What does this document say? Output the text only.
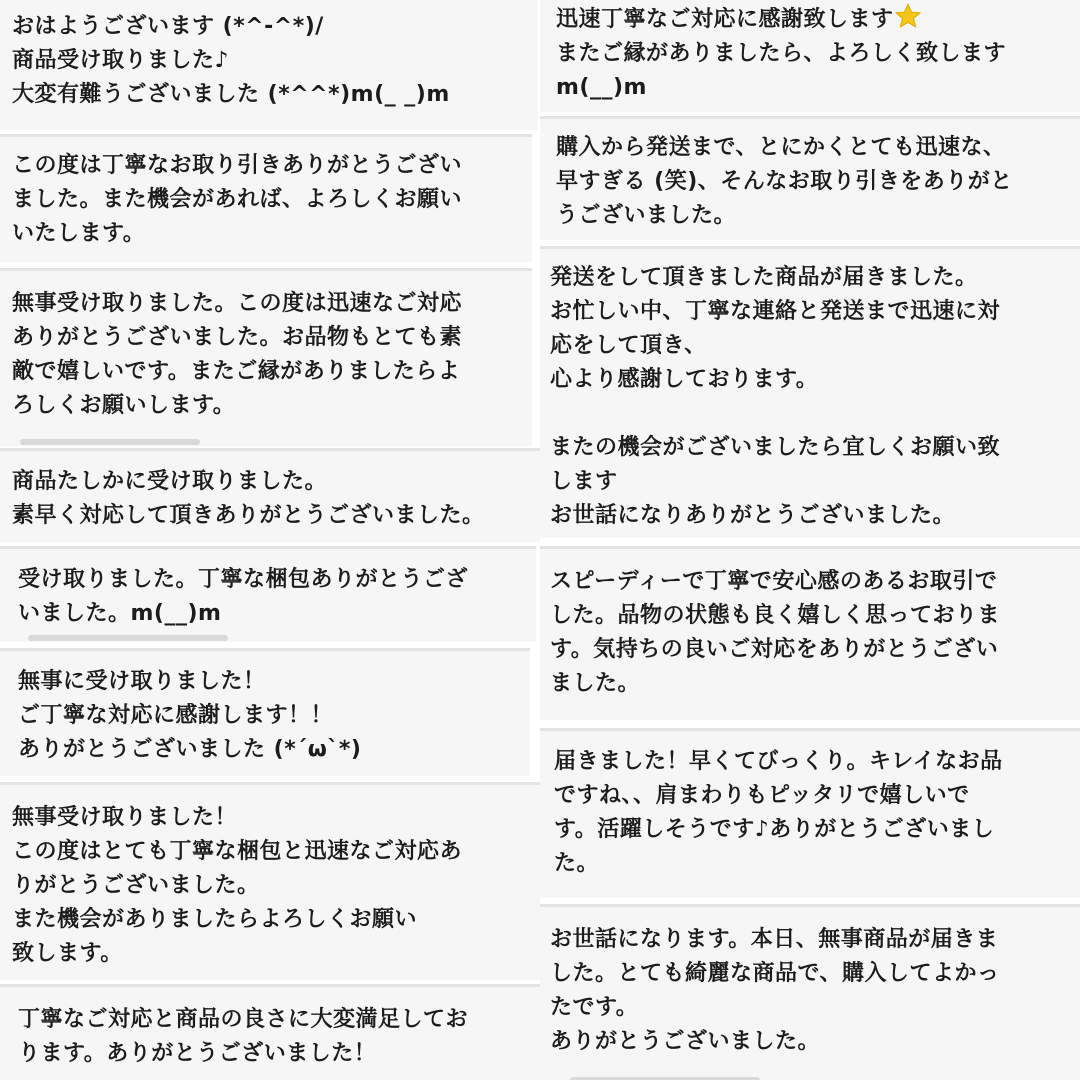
おはようございます (*^-^*)/
商品受け取りました♪
大変有難うございました (*^^*)m(_ _)m
この度は丁寧なお取り引きありがとうござい
ました。また機会があれば、よろしくお願い
いたします。
無事受け取りました。この度は迅速なご対応
ありがとうございました。お品物もとても素
敵で嬉しいです。またご縁がありましたらよ
ろしくお願いします。
商品たしかに受け取りました。
素早く対応して頂きありがとうございました。
受け取りました。丁寧な梱包ありがとうござ
いました。m(__)m
無事に受け取りました！
ご丁寧な対応に感謝します！！
ありがとうございました (*´ω`*)
無事受け取りました！
この度はとても丁寧な梱包と迅速なご対応あ
りがとうございました。
また機会がありましたらよろしくお願い
致します。
丁寧なご対応と商品の良さに大変満足してお
ります。ありがとうございました！
迅速丁寧なご対応に感謝致します
またご縁がありましたら、よろしく致します
m(__)m
購入から発送まで、とにかくとても迅速な、
早すぎる (笑)、そんなお取り引きをありがと
うございました。
発送をして頂きました商品が届きました。
お忙しい中、丁寧な連絡と発送まで迅速に対
応をして頂き、
心より感謝しております。

またの機会がございましたら宜しくお願い致
します
お世話になりありがとうございました。
スピーディーで丁寧で安心感のあるお取引で
した。品物の状態も良く嬉しく思っておりま
す。気持ちの良いご対応をありがとうござい
ました。
届きました！早くてびっくり。キレイなお品
ですね、、肩まわりもピッタリで嬉しいで
す。活躍しそうです♪ありがとうございまし
た。
お世話になります。本日、無事商品が届きま
した。とても綺麗な商品で、購入してよかっ
たです。
ありがとうございました。
